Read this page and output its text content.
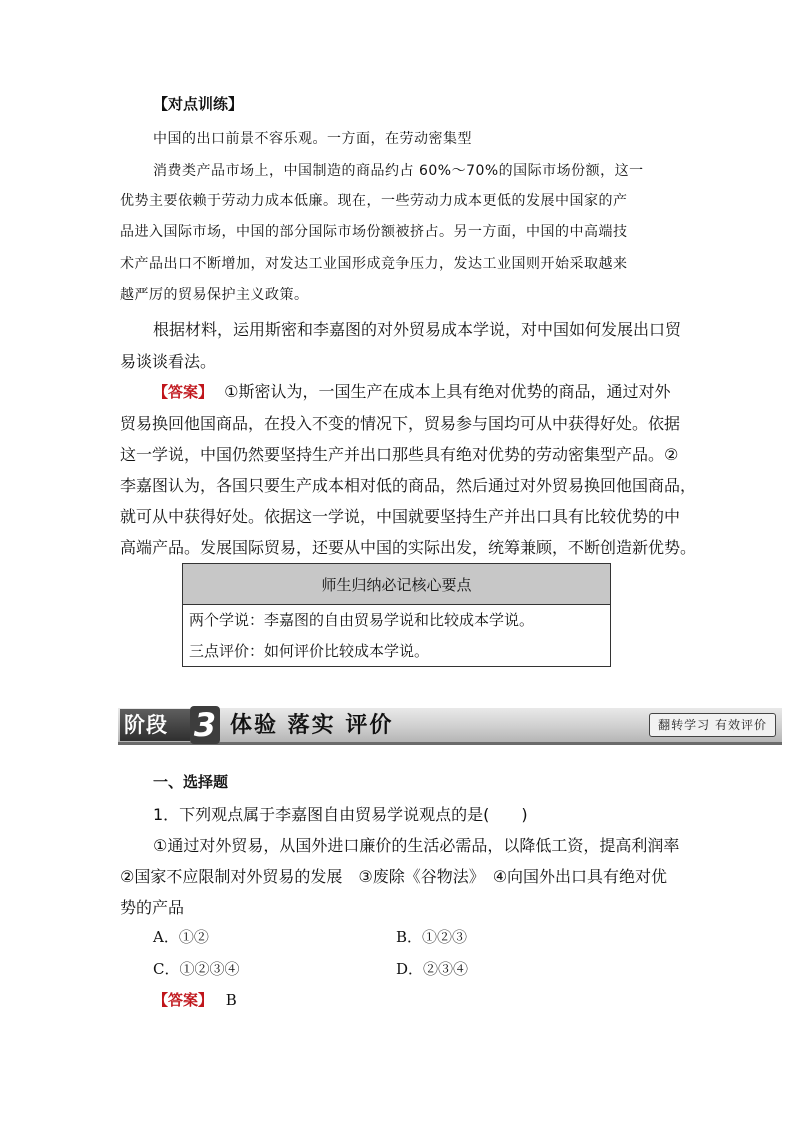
【对点训练】
中国的出口前景不容乐观。一方面，在劳动密集型
消费类产品市场上，中国制造的商品约占 60%～70%的国际市场份额，这一
优势主要依赖于劳动力成本低廉。现在，一些劳动力成本更低的发展中国家的产
品进入国际市场，中国的部分国际市场份额被挤占。另一方面，中国的中高端技
术产品出口不断增加，对发达工业国形成竞争压力，发达工业国则开始采取越来
越严厉的贸易保护主义政策。
根据材料，运用斯密和李嘉图的对外贸易成本学说，对中国如何发展出口贸
易谈谈看法。
【答案】 ①斯密认为，一国生产在成本上具有绝对优势的商品，通过对外
贸易换回他国商品，在投入不变的情况下，贸易参与国均可从中获得好处。依据
这一学说，中国仍然要坚持生产并出口那些具有绝对优势的劳动密集型产品。②
李嘉图认为，各国只要生产成本相对低的商品，然后通过对外贸易换回他国商品，
就可从中获得好处。依据这一学说，中国就要坚持生产并出口具有比较优势的中
高端产品。发展国际贸易，还要从中国的实际出发，统筹兼顾，不断创造新优势。
师生归纳必记核心要点
两个学说：李嘉图的自由贸易学说和比较成本学说。
三点评价：如何评价比较成本学说。
阶段 3 体验 落实 评价	翻转学习 有效评价
一、选择题
1．下列观点属于李嘉图自由贸易学说观点的是(　　)
①通过对外贸易，从国外进口廉价的生活必需品，以降低工资，提高利润率
②国家不应限制对外贸易的发展　③废除《谷物法》　④向国外出口具有绝对优
势的产品
A．①②	B．①②③
C．①②③④	D．②③④
【答案】 B
